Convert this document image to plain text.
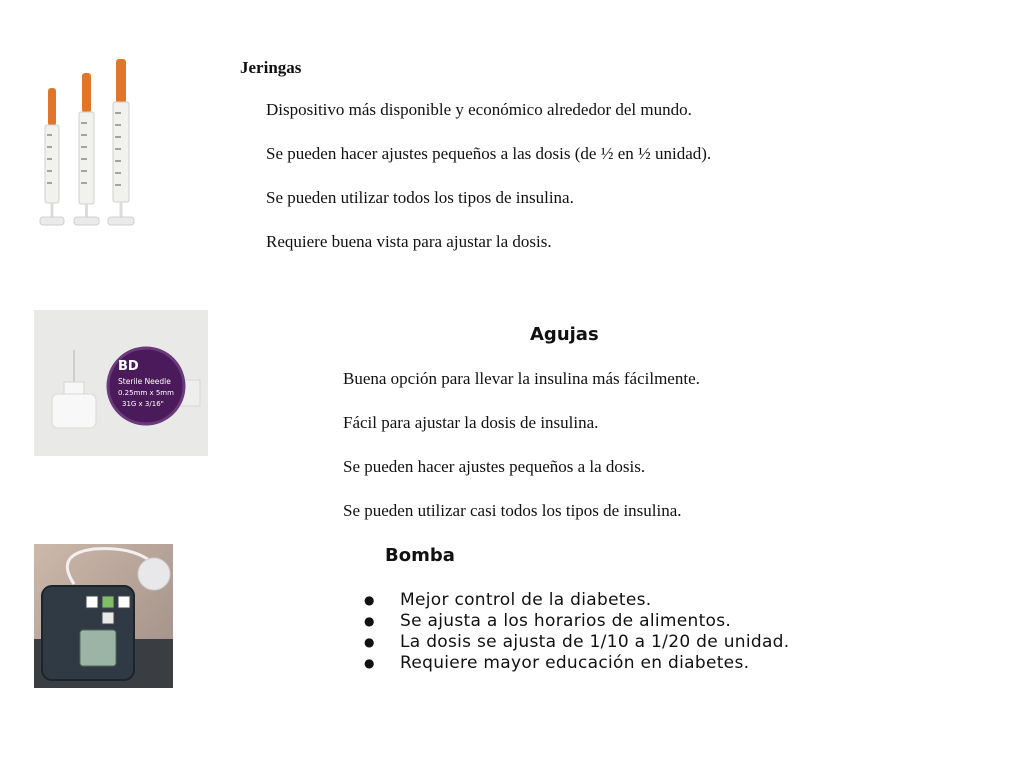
Jeringas
Dispositivo más disponible y económico alrededor del mundo.
Se pueden hacer ajustes pequeños a las dosis (de ½ en ½ unidad).
Se pueden utilizar todos los tipos de insulina.
Requiere buena vista para ajustar la dosis.
BD
Sterile Needle
0.25mm x 5mm
31G x 3/16"
Agujas
Buena opción para llevar la insulina más fácilmente.
Fácil para ajustar la dosis de insulina.
Se pueden hacer ajustes pequeños a la dosis.
Se pueden utilizar casi todos los tipos de insulina.
Bomba
● Mejor control de la diabetes.
● Se ajusta a los horarios de alimentos.
● La dosis se ajusta de 1/10 a 1/20 de unidad.
● Requiere mayor educación en diabetes.
